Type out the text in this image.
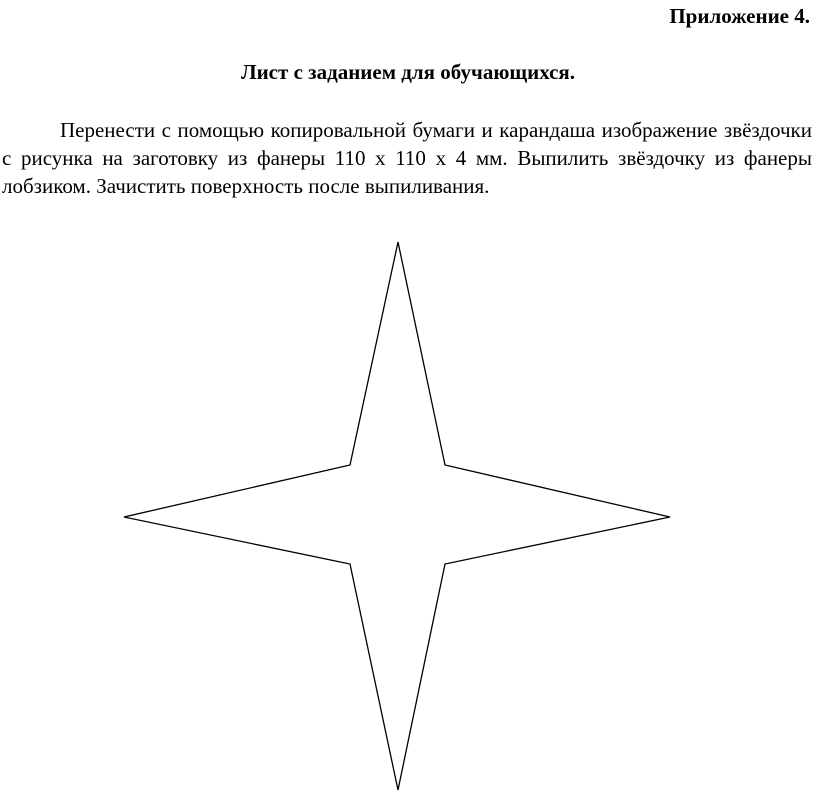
Приложение 4.

Лист с заданием для обучающихся.

Перенести с помощью копировальной бумаги и карандаша изображение звёздочки с рисунка на заготовку из фанеры 110 x 110 x 4 мм. Выпилить звёздочку из фанеры лобзиком. Зачистить поверхность после выпиливания.
